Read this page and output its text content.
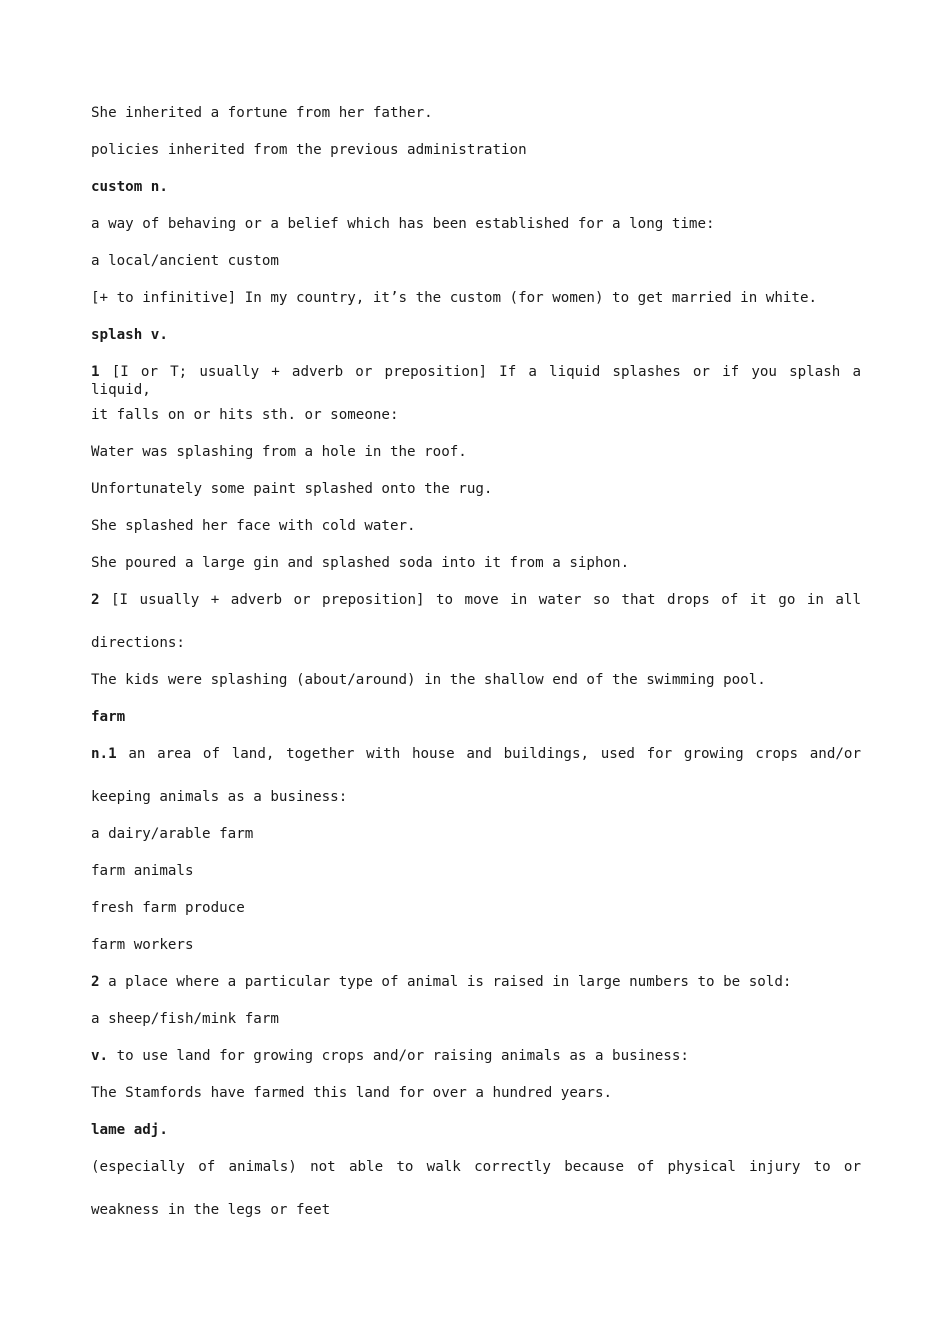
She inherited a fortune from her father.
policies inherited from the previous administration
custom n.
a way of behaving or a belief which has been established for a long time:
a local/ancient custom
[+ to infinitive] In my country, it’s the custom (for women) to get married in white.
splash v.
1 [I or T; usually + adverb or preposition] If a liquid splashes or if you splash a liquid,
it falls on or hits sth. or someone:
Water was splashing from a hole in the roof.
Unfortunately some paint splashed onto the rug.
She splashed her face with cold water.
She poured a large gin and splashed soda into it from a siphon.
2 [I usually + adverb or preposition] to move in water so that drops of it go in all
directions:
The kids were splashing (about/around) in the shallow end of the swimming pool.
farm
n.1 an area of land, together with house and buildings, used for growing crops and/or
keeping animals as a business:
a dairy/arable farm
farm animals
fresh farm produce
farm workers
2 a place where a particular type of animal is raised in large numbers to be sold:
a sheep/fish/mink farm
v. to use land for growing crops and/or raising animals as a business:
The Stamfords have farmed this land for over a hundred years.
lame adj.
(especially of animals) not able to walk correctly because of physical injury to or
weakness in the legs or feet
